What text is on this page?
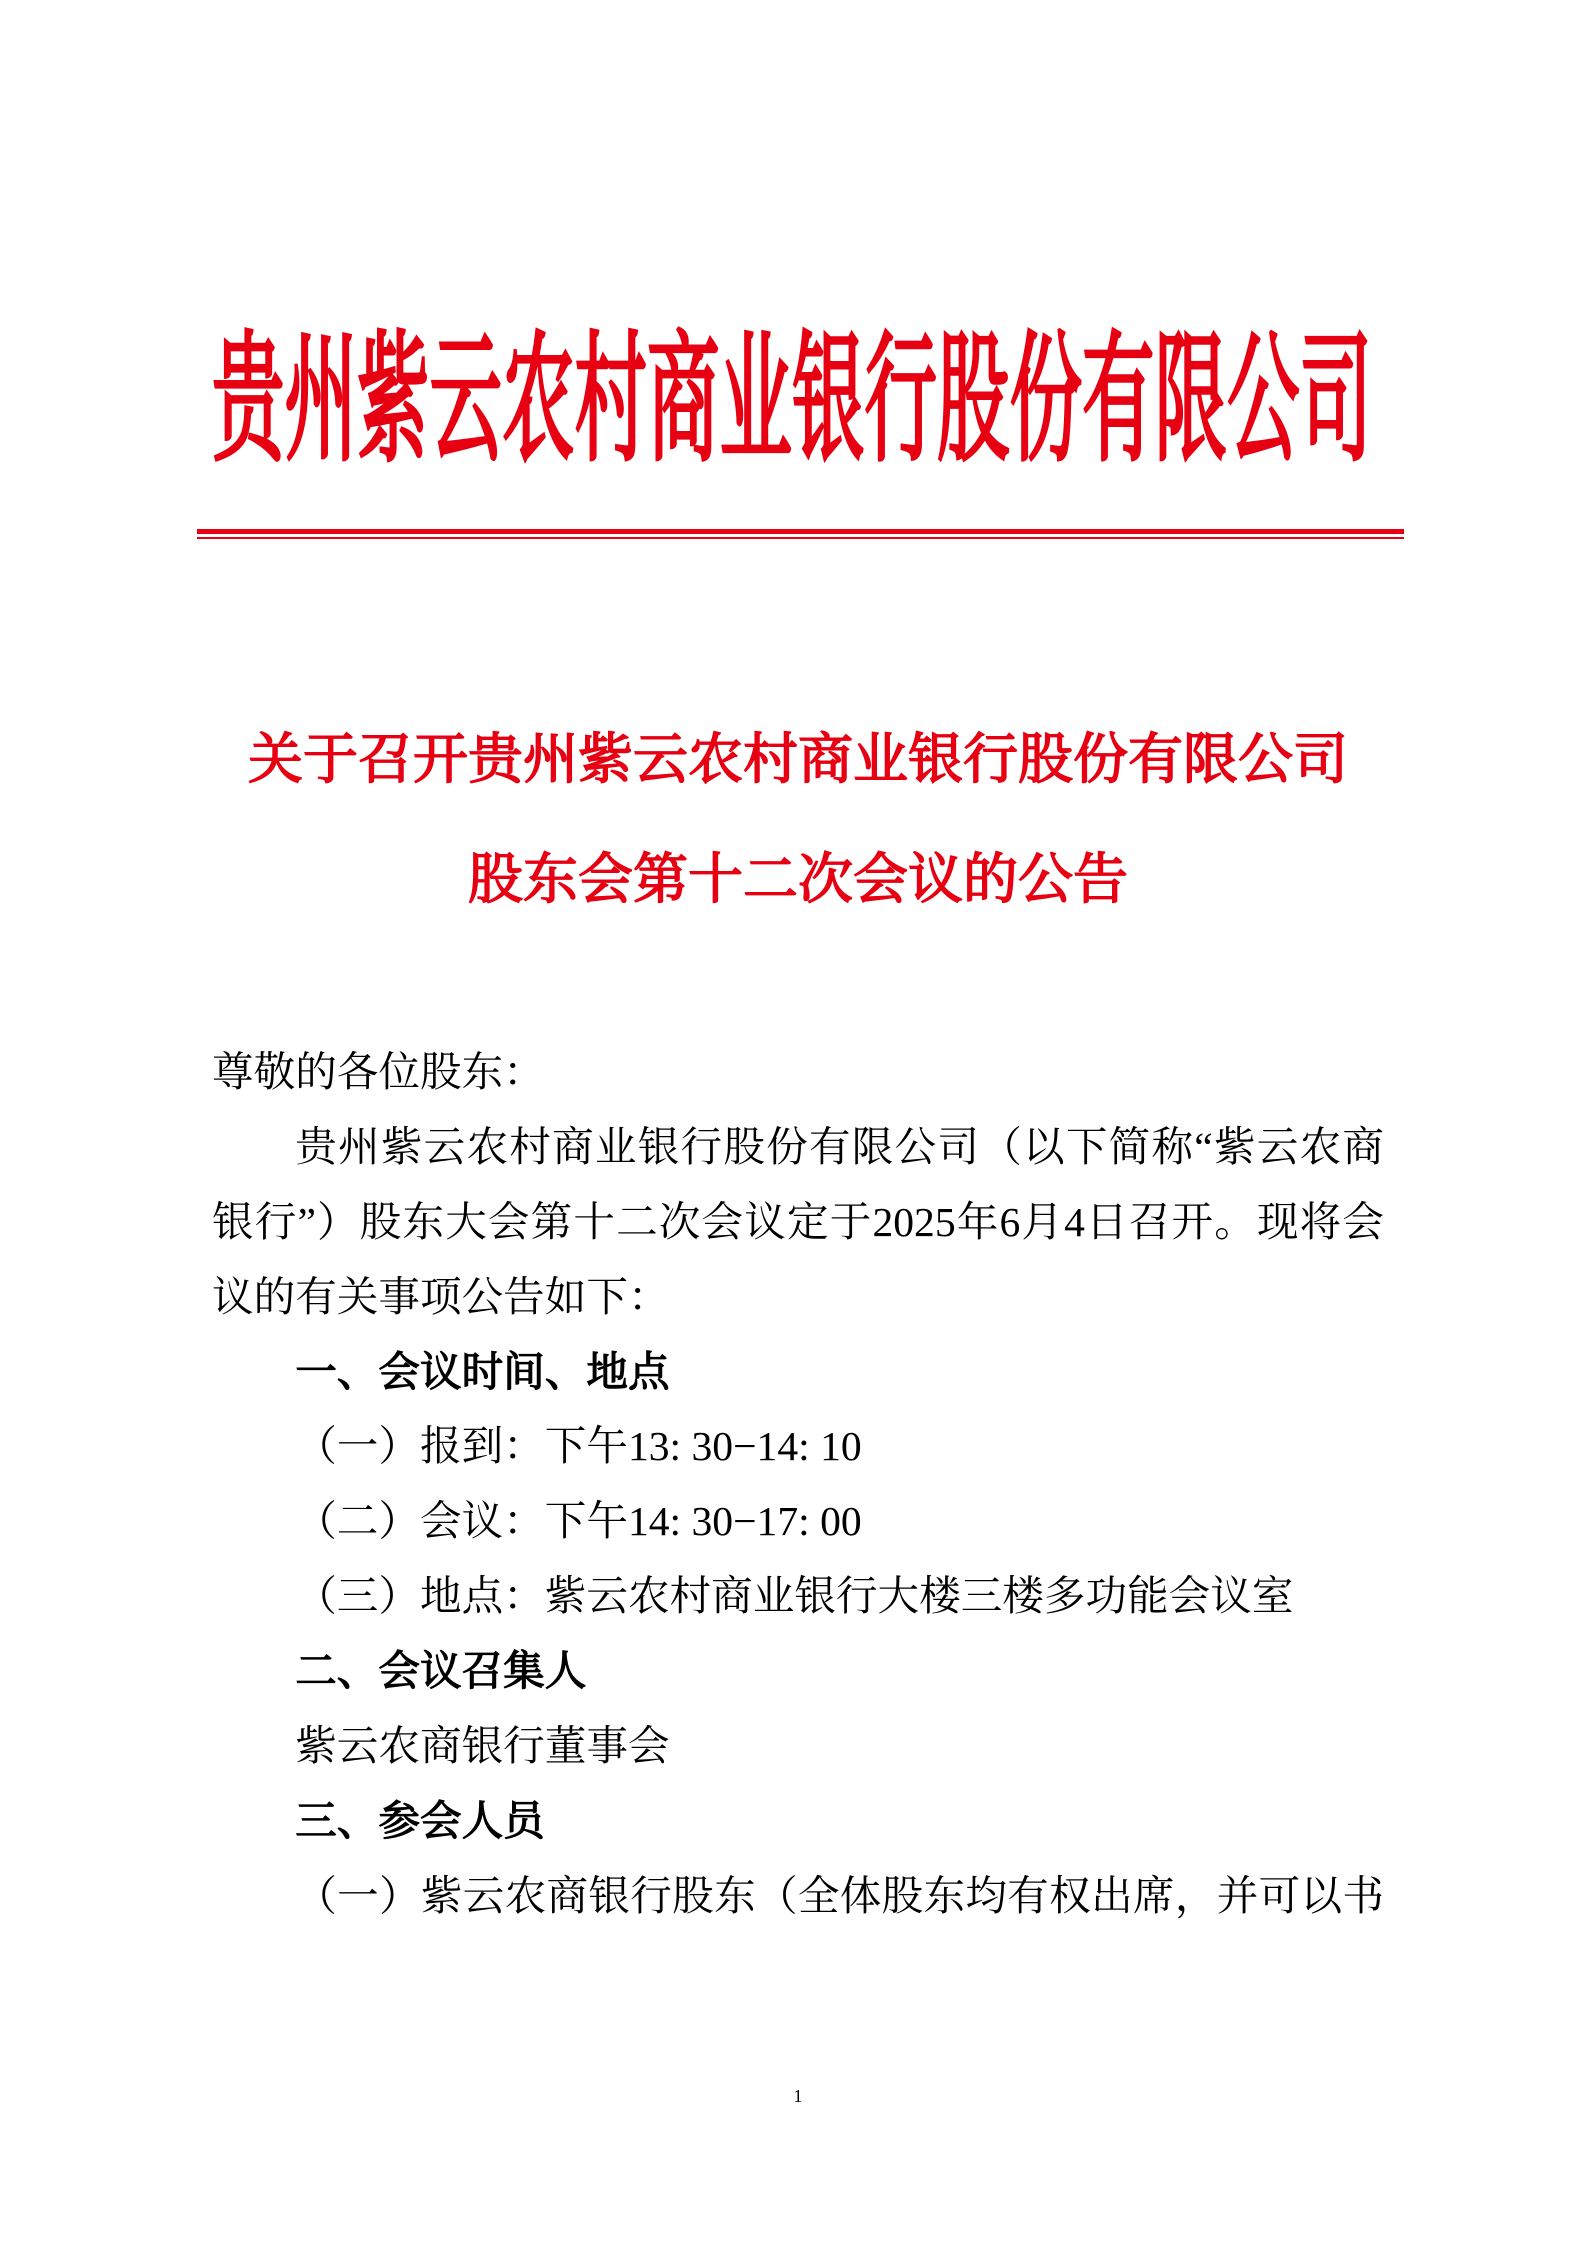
贵州紫云农村商业银行股份有限公司
关于召开贵州紫云农村商业银行股份有限公司
股东会第十二次会议的公告
尊敬的各位股东：
贵州紫云农村商业银行股份有限公司（以下简称“紫云农商
银行”）股东大会第十二次会议定于2025年6月4日召开。现将会
议的有关事项公告如下：
一、会议时间、地点
（一）报到：下午13: 30−14: 10
（二）会议：下午14: 30−17: 00
（三）地点：紫云农村商业银行大楼三楼多功能会议室
二、会议召集人
紫云农商银行董事会
三、参会人员
（一）紫云农商银行股东（全体股东均有权出席，并可以书
1
